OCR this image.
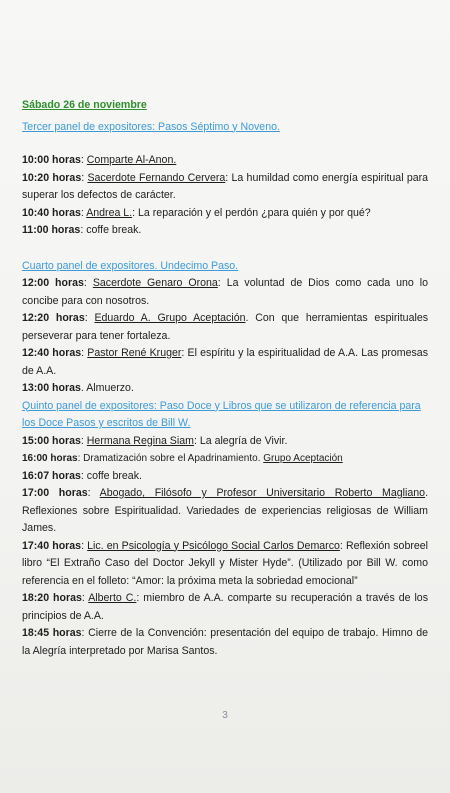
Sábado 26 de noviembre

Tercer panel de expositores: Pasos Séptimo y Noveno.

10:00 horas: Comparte Al-Anon.

10:20 horas: Sacerdote Fernando Cervera: La humildad como energía espiritual para superar los defectos de carácter.

10:40 horas: Andrea L.: La reparación y el perdón ¿para quién y por qué?

11:00 horas: coffe break.

Cuarto panel de expositores. Undecimo Paso.

12:00 horas: Sacerdote Genaro Orona: La voluntad de Dios como cada uno lo concibe para con nosotros.

12:20 horas: Eduardo A. Grupo Aceptación. Con que herramientas espirituales perseverar para tener fortaleza.

12:40 horas: Pastor René Kruger: El espíritu y la espiritualidad de A.A. Las promesas de A.A.

13:00 horas. Almuerzo.

Quinto panel de expositores: Paso Doce y Libros que se utilizaron de referencia para los Doce Pasos y escritos de Bill W.

15:00 horas: Hermana Regina Siam: La alegría de Vivir.

16:00 horas: Dramatización sobre el Apadrinamiento. Grupo Aceptación

16:07 horas: coffe break.

17:00 horas: Abogado, Filósofo y Profesor Universitario Roberto Magliano. Reflexiones sobre Espiritualidad. Variedades de experiencias religiosas de William James.

17:40 horas: Lic. en Psicología y Psicólogo Social Carlos Demarco: Reflexión sobreel libro “El Extraño Caso del Doctor Jekyll y Mister Hyde”. (Utilizado por Bill W. como referencia en el folleto: “Amor: la próxima meta la sobriedad emocional”

18:20 horas: Alberto C.: miembro de A.A. comparte su recuperación a través de los principios de A.A.

18:45 horas: Cierre de la Convención: presentación del equipo de trabajo. Himno de la Alegría interpretado por Marisa Santos.

3
